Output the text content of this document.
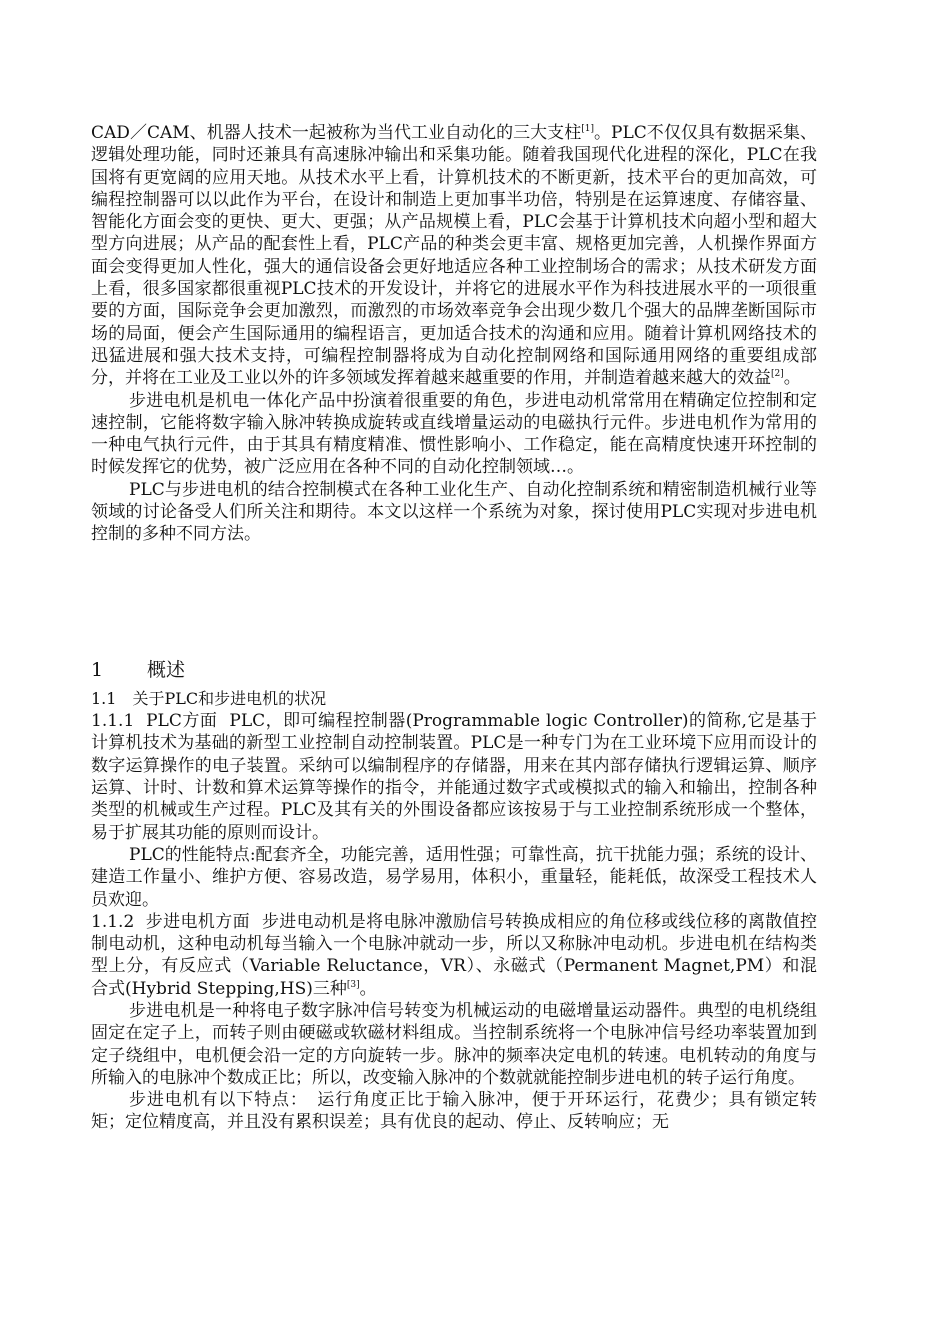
CAD／CAM、机器人技术一起被称为当代工业自动化的三大支柱[1]。PLC不仅仅具有数据采集、逻辑处理功能，同时还兼具有高速脉冲输出和采集功能。随着我国现代化进程的深化，PLC在我国将有更宽阔的应用天地。从技术水平上看，计算机技术的不断更新，技术平台的更加高效，可编程控制器可以以此作为平台，在设计和制造上更加事半功倍，特别是在运算速度、存储容量、智能化方面会变的更快、更大、更强；从产品规模上看，PLC会基于计算机技术向超小型和超大型方向进展；从产品的配套性上看，PLC产品的种类会更丰富、规格更加完善，人机操作界面方面会变得更加人性化，强大的通信设备会更好地适应各种工业控制场合的需求；从技术研发方面上看，很多国家都很重视PLC技术的开发设计，并将它的进展水平作为科技进展水平的一项很重要的方面，国际竞争会更加激烈，而激烈的市场效率竞争会出现少数几个强大的品牌垄断国际市场的局面，便会产生国际通用的编程语言，更加适合技术的沟通和应用。随着计算机网络技术的迅猛进展和强大技术支持，可编程控制器将成为自动化控制网络和国际通用网络的重要组成部分，并将在工业及工业以外的许多领域发挥着越来越重要的作用，并制造着越来越大的效益[2]。

步进电机是机电一体化产品中扮演着很重要的角色，步进电动机常常用在精确定位控制和定速控制，它能将数字输入脉冲转换成旋转或直线增量运动的电磁执行元件。步进电机作为常用的一种电气执行元件，由于其具有精度精准、惯性影响小、工作稳定，能在高精度快速开环控制的时候发挥它的优势，被广泛应用在各种不同的自动化控制领域…。

PLC与步进电机的结合控制模式在各种工业化生产、自动化控制系统和精密制造机械行业等领域的讨论备受人们所关注和期待。本文以这样一个系统为对象，探讨使用PLC实现对步进电机控制的多种不同方法。

1 概述
1.1　关于PLC和步进电机的状况

1.1.1 PLC方面 PLC，即可编程控制器(Programmable logic Controller)的简称,它是基于计算机技术为基础的新型工业控制自动控制装置。PLC是一种专门为在工业环境下应用而设计的数字运算操作的电子装置。采纳可以编制程序的存储器，用来在其内部存储执行逻辑运算、顺序运算、计时、计数和算术运算等操作的指令，并能通过数字式或模拟式的输入和输出，控制各种类型的机械或生产过程。PLC及其有关的外围设备都应该按易于与工业控制系统形成一个整体，易于扩展其功能的原则而设计。

PLC的性能特点:配套齐全，功能完善，适用性强；可靠性高，抗干扰能力强；系统的设计、建造工作量小、维护方便、容易改造，易学易用，体积小，重量轻，能耗低，故深受工程技术人员欢迎。

1.1.2 步进电机方面 步进电动机是将电脉冲激励信号转换成相应的角位移或线位移的离散值控制电动机，这种电动机每当输入一个电脉冲就动一步，所以又称脉冲电动机。步进电机在结构类型上分，有反应式（Variable Reluctance，VR）、永磁式（Permanent Magnet,PM）和混合式(Hybrid Stepping,HS)三种[3]。

步进电机是一种将电子数字脉冲信号转变为机械运动的电磁增量运动器件。典型的电机绕组固定在定子上，而转子则由硬磁或软磁材料组成。当控制系统将一个电脉冲信号经功率装置加到定子绕组中，电机便会沿一定的方向旋转一步。脉冲的频率决定电机的转速。电机转动的角度与所输入的电脉冲个数成正比；所以，改变输入脉冲的个数就就能控制步进电机的转子运行角度。

步进电机有以下特点：　运行角度正比于输入脉冲，便于开环运行，花费少；具有锁定转矩；定位精度高，并且没有累积误差；具有优良的起动、停止、反转响应；无
